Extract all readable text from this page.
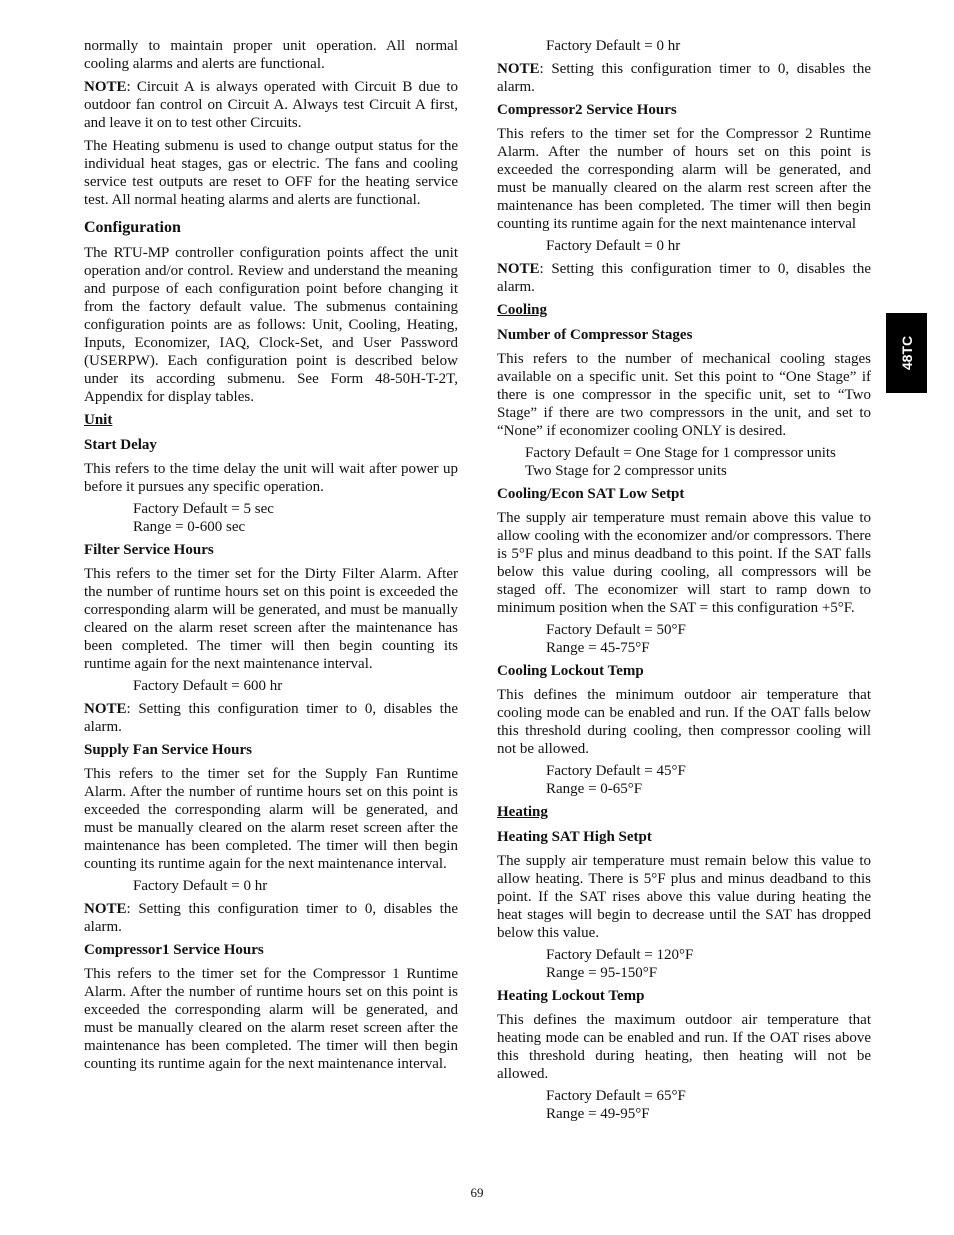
normally to maintain proper unit operation. All normal cooling alarms and alerts are functional.

NOTE: Circuit A is always operated with Circuit B due to outdoor fan control on Circuit A. Always test Circuit A first, and leave it on to test other Circuits.

The Heating submenu is used to change output status for the individual heat stages, gas or electric. The fans and cooling service test outputs are reset to OFF for the heating service test. All normal heating alarms and alerts are functional.

Configuration

The RTU-MP controller configuration points affect the unit operation and/or control. Review and understand the meaning and purpose of each configuration point before changing it from the factory default value. The submenus containing configuration points are as follows: Unit, Cooling, Heating, Inputs, Economizer, IAQ, Clock-Set, and User Password (USERPW). Each configuration point is described below under its according submenu. See Form 48-50H-T-2T, Appendix for display tables.

Unit
Start Delay

This refers to the time delay the unit will wait after power up before it pursues any specific operation.

Factory Default = 5 sec

Range = 0-600 sec

Filter Service Hours

This refers to the timer set for the Dirty Filter Alarm. After the number of runtime hours set on this point is exceeded the corresponding alarm will be generated, and must be manually cleared on the alarm reset screen after the maintenance has been completed. The timer will then begin counting its runtime again for the next maintenance interval.

Factory Default = 600 hr

NOTE: Setting this configuration timer to 0, disables the alarm.

Supply Fan Service Hours

This refers to the timer set for the Supply Fan Runtime Alarm. After the number of runtime hours set on this point is exceeded the corresponding alarm will be generated, and must be manually cleared on the alarm reset screen after the maintenance has been completed. The timer will then begin counting its runtime again for the next maintenance interval.

Factory Default = 0 hr

NOTE: Setting this configuration timer to 0, disables the alarm.

Compressor1 Service Hours

This refers to the timer set for the Compressor 1 Runtime Alarm. After the number of runtime hours set on this point is exceeded the corresponding alarm will be generated, and must be manually cleared on the alarm reset screen after the maintenance has been completed. The timer will then begin counting its runtime again for the next maintenance interval.

Factory Default = 0 hr

NOTE: Setting this configuration timer to 0, disables the alarm.

Compressor2 Service Hours

This refers to the timer set for the Compressor 2 Runtime Alarm. After the number of hours set on this point is exceeded the corresponding alarm will be generated, and must be manually cleared on the alarm rest screen after the maintenance has been completed. The timer will then begin counting its runtime again for the next maintenance interval

Factory Default = 0 hr

NOTE: Setting this configuration timer to 0, disables the alarm.

Cooling
Number of Compressor Stages

This refers to the number of mechanical cooling stages available on a specific unit. Set this point to “One Stage” if there is one compressor in the specific unit, set to “Two Stage” if there are two compressors in the unit, and set to “None” if economizer cooling ONLY is desired.

Factory Default = One Stage for 1 compressor units

Two Stage for 2 compressor units

Cooling/Econ SAT Low Setpt

The supply air temperature must remain above this value to allow cooling with the economizer and/or compressors. There is 5°F plus and minus deadband to this point. If the SAT falls below this value during cooling, all compressors will be staged off. The economizer will start to ramp down to minimum position when the SAT = this configuration +5°F.

Factory Default = 50°F

Range = 45-75°F

Cooling Lockout Temp

This defines the minimum outdoor air temperature that cooling mode can be enabled and run. If the OAT falls below this threshold during cooling, then compressor cooling will not be allowed.

Factory Default = 45°F

Range = 0-65°F

Heating
Heating SAT High Setpt

The supply air temperature must remain below this value to allow heating. There is 5°F plus and minus deadband to this point. If the SAT rises above this value during heating the heat stages will begin to decrease until the SAT has dropped below this value.

Factory Default = 120°F

Range = 95-150°F

Heating Lockout Temp

This defines the maximum outdoor air temperature that heating mode can be enabled and run. If the OAT rises above this threshold during heating, then heating will not be allowed.

Factory Default = 65°F

Range = 49-95°F

48TC
69
